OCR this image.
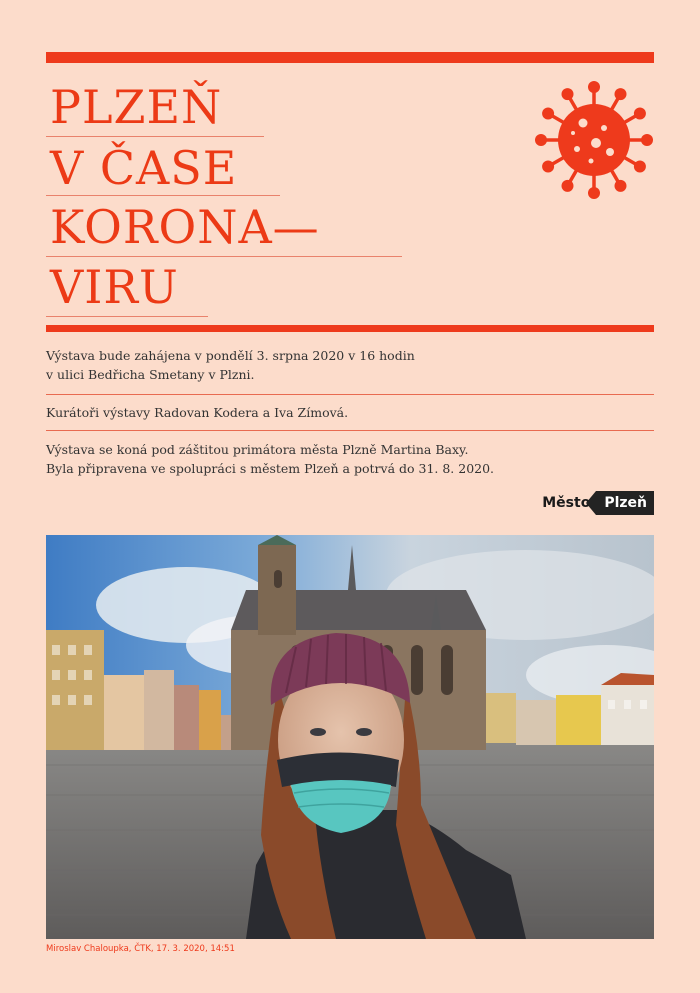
PLZEŇ
V ČASE
KORONA—
VIRU
Výstava bude zahájena v pondělí 3. srpna 2020 v 16 hodin
v ulici Bedřicha Smetany v Plzni.
Kurátoři výstavy Radovan Kodera a Iva Zímová.
Výstava se koná pod záštitou primátora města Plzně Martina Baxy.
Byla připravena ve spolupráci s městem Plzeň a potrvá do 31. 8. 2020.
Město	Plzeň
Miroslav Chaloupka, ČTK, 17. 3. 2020, 14:51
